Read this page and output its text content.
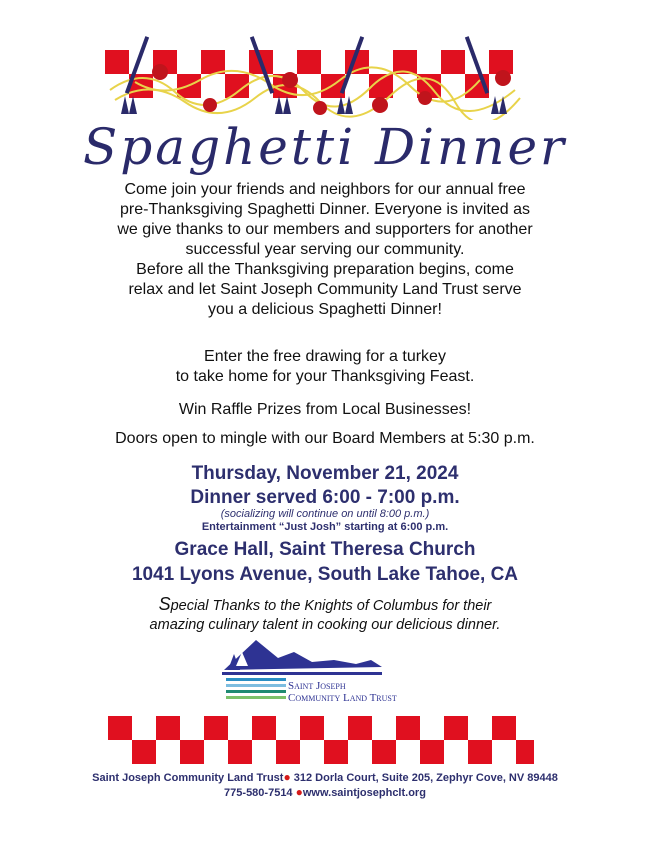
Spaghetti Dinner
Come join your friends and neighbors for our annual free
pre-Thanksgiving Spaghetti Dinner. Everyone is invited as
we give thanks to our members and supporters for another
successful year serving our community.
Before all the Thanksgiving preparation begins, come
relax and let Saint Joseph Community Land Trust serve
you a delicious Spaghetti Dinner!
Enter the free drawing for a turkey
to take home for your Thanksgiving Feast.
Win Raffle Prizes from Local Businesses!
Doors open to mingle with our Board Members at 5:30 p.m.
Thursday, November 21, 2024
Dinner served 6:00 - 7:00 p.m.
(socializing will continue on until 8:00 p.m.)
Entertainment “Just Josh” starting at 6:00 p.m.
Grace Hall, Saint Theresa Church
1041 Lyons Avenue, South Lake Tahoe, CA
Special Thanks to the Knights of Columbus for their
amazing culinary talent in cooking our delicious dinner.
Saint Joseph
Community Land Trust
Saint Joseph Community Land Trust● 312 Dorla Court, Suite 205, Zephyr Cove, NV 89448
775-580-7514 ●www.saintjosephclt.org
